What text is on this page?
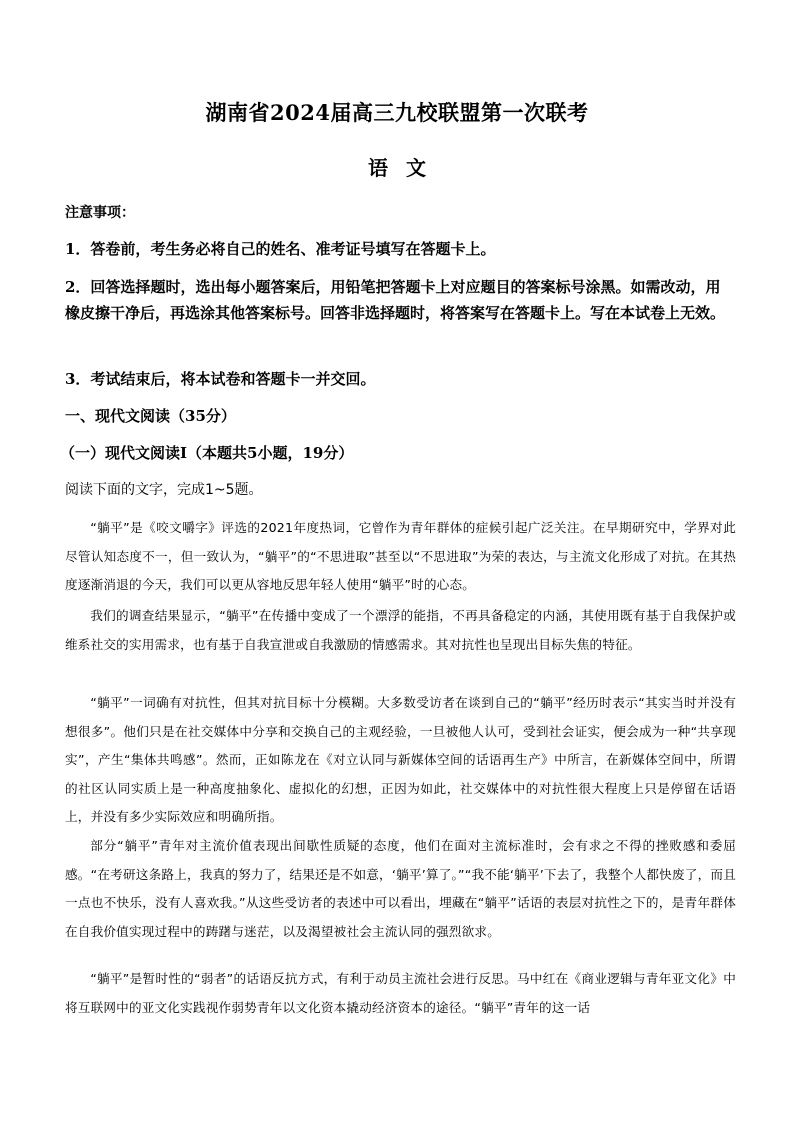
湖南省2024届高三九校联盟第一次联考
语文

注意事项：

1．答卷前，考生务必将自己的姓名、准考证号填写在答题卡上。

2．回答选择题时，选出每小题答案后，用铅笔把答题卡上对应题目的答案标号涂黑。如需改动，用橡皮擦干净后，再选涂其他答案标号。回答非选择题时，将答案写在答题卡上。写在本试卷上无效。

3．考试结束后，将本试卷和答题卡一并交回。

一、现代文阅读（35分）

（一）现代文阅读Ⅰ（本题共5小题，19分）

阅读下面的文字，完成1~5题。

“躺平”是《咬文嚼字》评选的2021年度热词，它曾作为青年群体的症候引起广泛关注。在早期研究中，学界对此尽管认知态度不一，但一致认为，“躺平”的“不思进取”甚至以“不思进取”为荣的表达，与主流文化形成了对抗。在其热度逐渐消退的今天，我们可以更从容地反思年轻人使用“躺平”时的心态。

我们的调查结果显示，“躺平”在传播中变成了一个漂浮的能指，不再具备稳定的内涵，其使用既有基于自我保护或维系社交的实用需求，也有基于自我宣泄或自我激励的情感需求。其对抗性也呈现出目标失焦的特征。

“躺平”一词确有对抗性，但其对抗目标十分模糊。大多数受访者在谈到自己的“躺平”经历时表示“其实当时并没有想很多”。他们只是在社交媒体中分享和交换自己的主观经验，一旦被他人认可，受到社会证实，便会成为一种“共享现实”，产生“集体共鸣感”。然而，正如陈龙在《对立认同与新媒体空间的话语再生产》中所言，在新媒体空间中，所谓的社区认同实质上是一种高度抽象化、虚拟化的幻想，正因为如此，社交媒体中的对抗性很大程度上只是停留在话语上，并没有多少实际效应和明确所指。

部分“躺平”青年对主流价值表现出间歇性质疑的态度，他们在面对主流标准时，会有求之不得的挫败感和委屈感。“在考研这条路上，我真的努力了，结果还是不如意，‘躺平’算了。”“我不能‘躺平’下去了，我整个人都快废了，而且一点也不快乐，没有人喜欢我。”从这些受访者的表述中可以看出，埋藏在“躺平”话语的表层对抗性之下的，是青年群体在自我价值实现过程中的踌躇与迷茫，以及渴望被社会主流认同的强烈欲求。

“躺平”是暂时性的“弱者”的话语反抗方式，有利于动员主流社会进行反思。马中红在《商业逻辑与青年亚文化》中将互联网中的亚文化实践视作弱势青年以文化资本撬动经济资本的途径。“躺平”青年的这一话
